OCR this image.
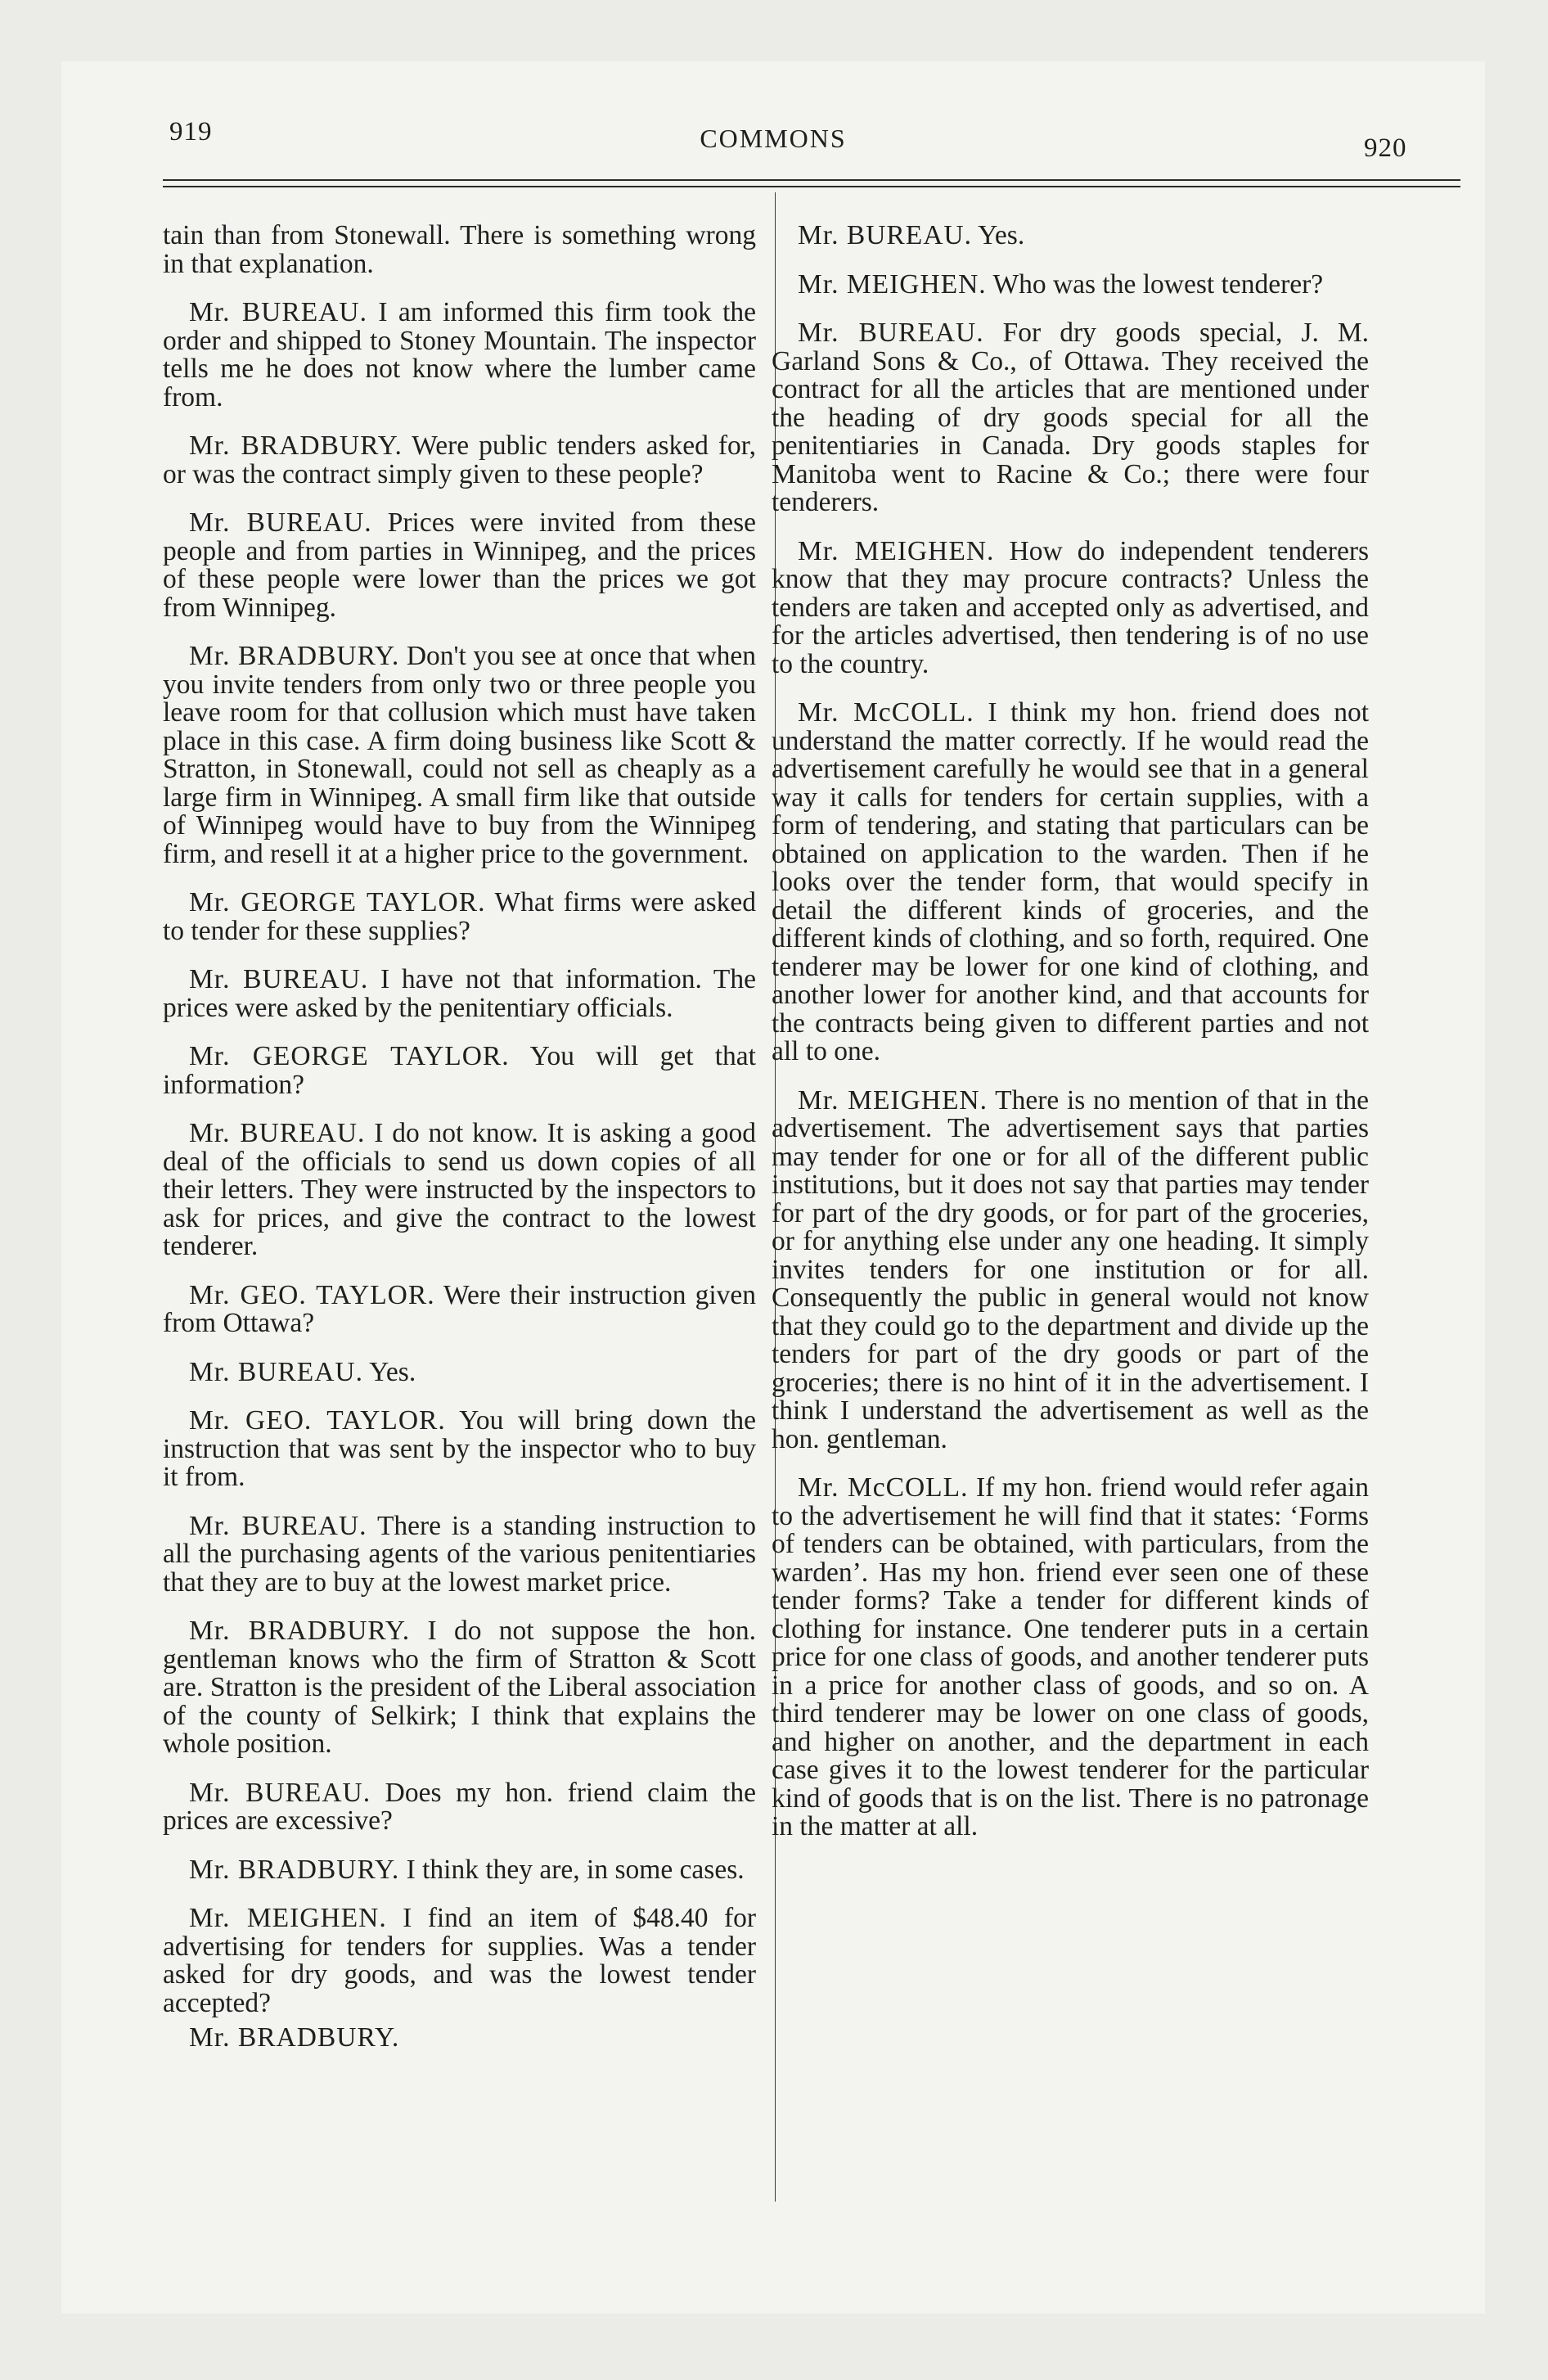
919	COMMONS	920

tain than from Stonewall. There is something wrong in that explanation.

Mr. BUREAU. I am informed this firm took the order and shipped to Stoney Mountain. The inspector tells me he does not know where the lumber came from.

Mr. BRADBURY. Were public tenders asked for, or was the contract simply given to these people?

Mr. BUREAU. Prices were invited from these people and from parties in Winnipeg, and the prices of these people were lower than the prices we got from Winnipeg.

Mr. BRADBURY. Don't you see at once that when you invite tenders from only two or three people you leave room for that collusion which must have taken place in this case. A firm doing business like Scott & Stratton, in Stonewall, could not sell as cheaply as a large firm in Winnipeg. A small firm like that outside of Winnipeg would have to buy from the Winnipeg firm, and resell it at a higher price to the government.

Mr. GEORGE TAYLOR. What firms were asked to tender for these supplies?

Mr. BUREAU. I have not that information. The prices were asked by the penitentiary officials.

Mr. GEORGE TAYLOR. You will get that information?

Mr. BUREAU. I do not know. It is asking a good deal of the officials to send us down copies of all their letters. They were instructed by the inspectors to ask for prices, and give the contract to the lowest tenderer.

Mr. GEO. TAYLOR. Were their instruction given from Ottawa?

Mr. BUREAU. Yes.

Mr. GEO. TAYLOR. You will bring down the instruction that was sent by the inspector who to buy it from.

Mr. BUREAU. There is a standing instruction to all the purchasing agents of the various penitentiaries that they are to buy at the lowest market price.

Mr. BRADBURY. I do not suppose the hon. gentleman knows who the firm of Stratton & Scott are. Stratton is the president of the Liberal association of the county of Selkirk; I think that explains the whole position.

Mr. BUREAU. Does my hon. friend claim the prices are excessive?

Mr. BRADBURY. I think they are, in some cases.

Mr. MEIGHEN. I find an item of $48.40 for advertising for tenders for supplies. Was a tender asked for dry goods, and was the lowest tender accepted?

Mr. BRADBURY.

Mr. BUREAU. Yes.

Mr. MEIGHEN. Who was the lowest tenderer?

Mr. BUREAU. For dry goods special, J. M. Garland Sons & Co., of Ottawa. They received the contract for all the articles that are mentioned under the heading of dry goods special for all the penitentiaries in Canada. Dry goods staples for Manitoba went to Racine & Co.; there were four tenderers.

Mr. MEIGHEN. How do independent tenderers know that they may procure contracts? Unless the tenders are taken and accepted only as advertised, and for the articles advertised, then tendering is of no use to the country.

Mr. McCOLL. I think my hon. friend does not understand the matter correctly. If he would read the advertisement carefully he would see that in a general way it calls for tenders for certain supplies, with a form of tendering, and stating that particulars can be obtained on application to the warden. Then if he looks over the tender form, that would specify in detail the different kinds of groceries, and the different kinds of clothing, and so forth, required. One tenderer may be lower for one kind of clothing, and another lower for another kind, and that accounts for the contracts being given to different parties and not all to one.

Mr. MEIGHEN. There is no mention of that in the advertisement. The advertisement says that parties may tender for one or for all of the different public institutions, but it does not say that parties may tender for part of the dry goods, or for part of the groceries, or for anything else under any one heading. It simply invites tenders for one institution or for all. Consequently the public in general would not know that they could go to the department and divide up the tenders for part of the dry goods or part of the groceries; there is no hint of it in the advertisement. I think I understand the advertisement as well as the hon. gentleman.

Mr. McCOLL. If my hon. friend would refer again to the advertisement he will find that it states: ‘Forms of tenders can be obtained, with particulars, from the warden’. Has my hon. friend ever seen one of these tender forms? Take a tender for different kinds of clothing for instance. One tenderer puts in a certain price for one class of goods, and another tenderer puts in a price for another class of goods, and so on. A third tenderer may be lower on one class of goods, and higher on another, and the department in each case gives it to the lowest tenderer for the particular kind of goods that is on the list. There is no patronage in the matter at all.
